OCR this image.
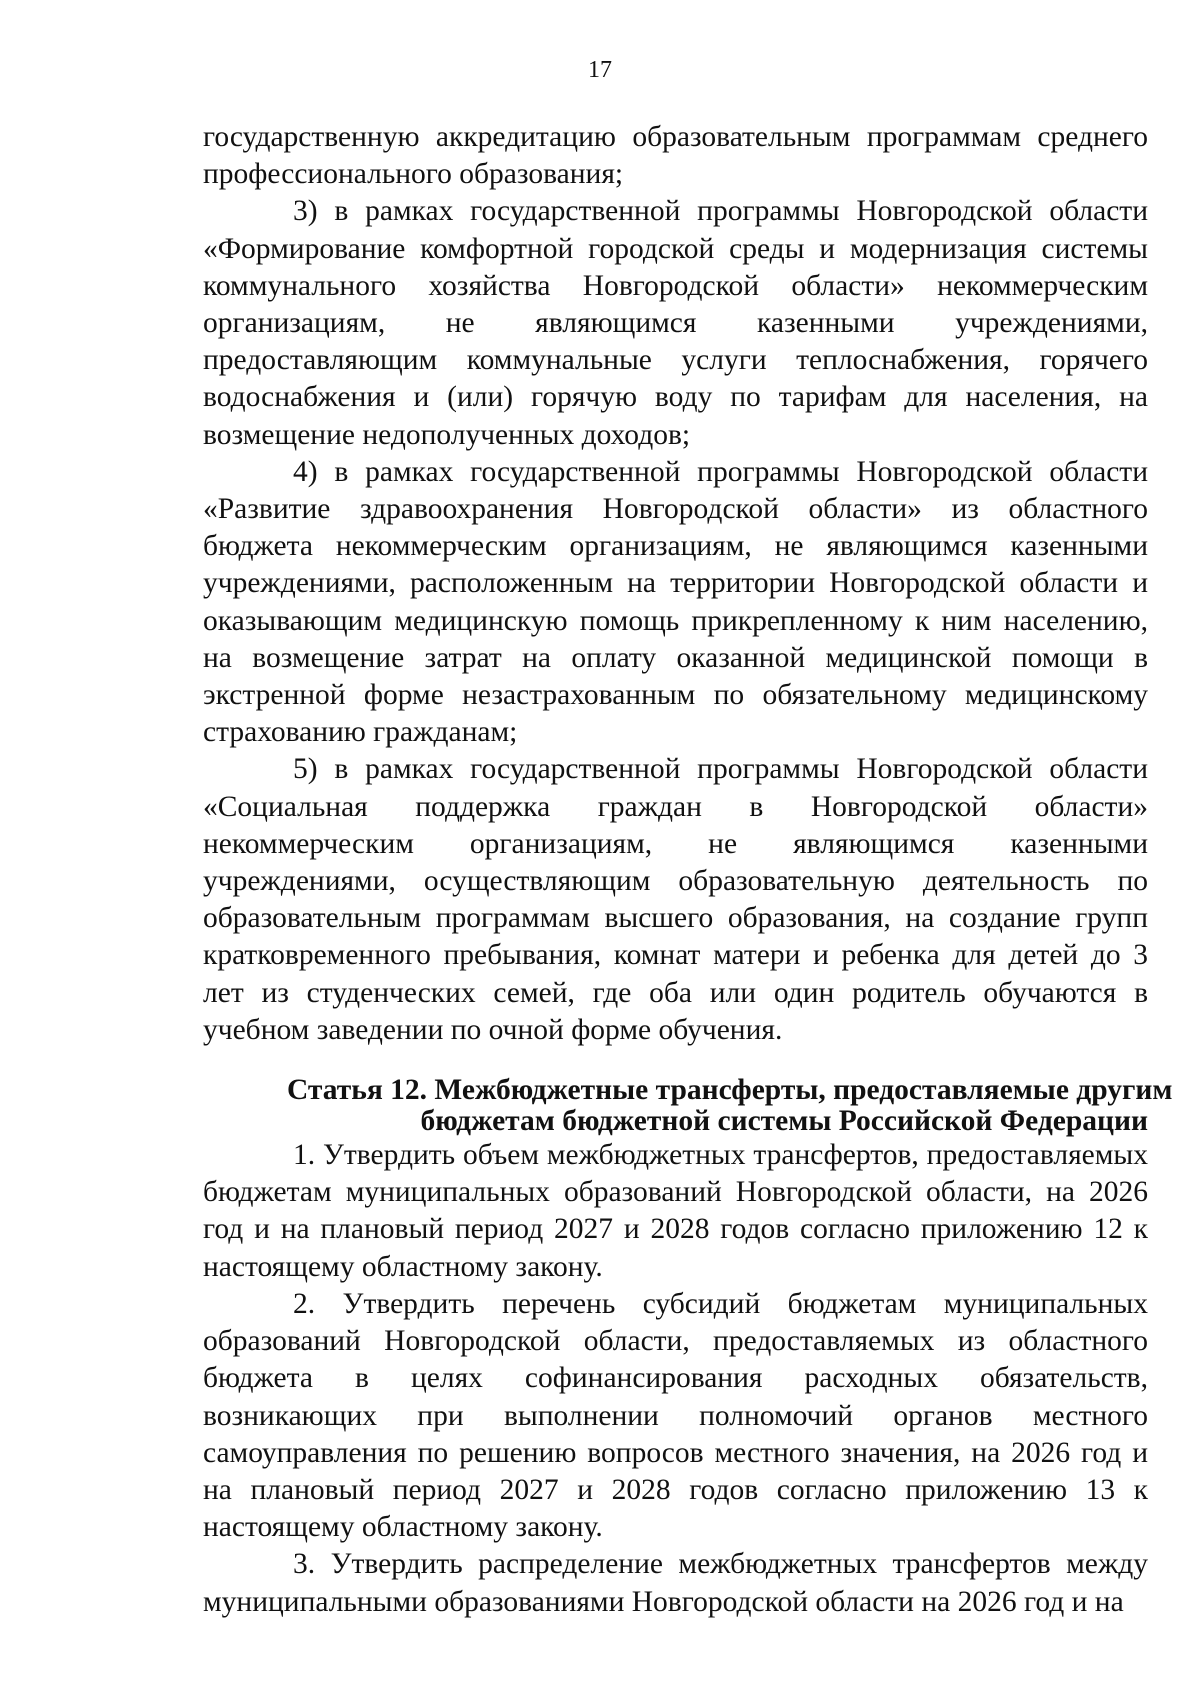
17

государственную аккредитацию образовательным программам среднего профессионального образования;

3) в рамках государственной программы Новгородской области «Формирование комфортной городской среды и модернизация системы коммунального хозяйства Новгородской области» некоммерческим организациям, не являющимся казенными учреждениями, предоставляющим коммунальные услуги теплоснабжения, горячего водоснабжения и (или) горячую воду по тарифам для населения, на возмещение недополученных доходов;

4) в рамках государственной программы Новгородской области «Развитие здравоохранения Новгородской области» из областного бюджета некоммерческим организациям, не являющимся казенными учреждениями, расположенным на территории Новгородской области и оказывающим медицинскую помощь прикрепленному к ним населению, на возмещение затрат на оплату оказанной медицинской помощи в экстренной форме незастрахованным по обязательному медицинскому страхованию гражданам;

5) в рамках государственной программы Новгородской области «Социальная поддержка граждан в Новгородской области» некоммерческим организациям, не являющимся казенными учреждениями, осуществляющим образовательную деятельность по образовательным программам высшего образования, на создание групп кратковременного пребывания, комнат матери и ребенка для детей до 3 лет из студенческих семей, где оба или один родитель обучаются в учебном заведении по очной форме обучения.

Статья 12. Межбюджетные трансферты, предоставляемые другим
бюджетам бюджетной системы Российской Федерации

1. Утвердить объем межбюджетных трансфертов, предоставляемых бюджетам муниципальных образований Новгородской области, на 2026 год и на плановый период 2027 и 2028 годов согласно приложению 12 к настоящему областному закону.

2. Утвердить перечень субсидий бюджетам муниципальных образований Новгородской области, предоставляемых из областного бюджета в целях софинансирования расходных обязательств, возникающих при выполнении полномочий органов местного самоуправления по решению вопросов местного значения, на 2026 год и на плановый период 2027 и 2028 годов согласно приложению 13 к настоящему областному закону.

3. Утвердить распределение межбюджетных трансфертов между муниципальными образованиями Новгородской области на 2026 год и на
